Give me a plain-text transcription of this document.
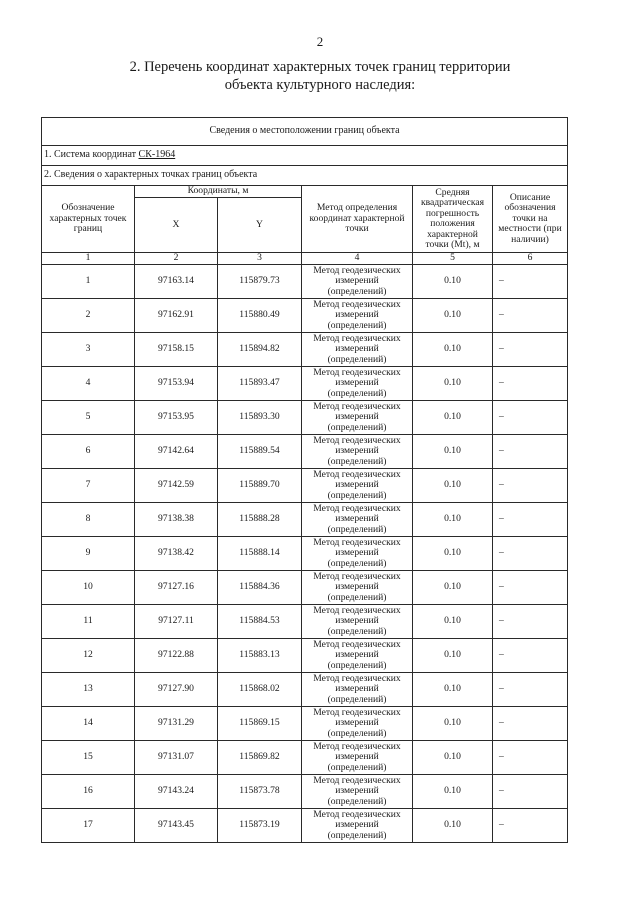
2
2. Перечень координат характерных точек границ территории
объекта культурного наследия:
Сведения о местоположении границ объекта					
1. Система координат СК-1964					
2. Сведения о характерных точках границ объекта					
Обозначение характерных точек границ	Координаты, м		Метод определения координат характерной точки	Средняя квадратическая погрешность положения характерной точки (Mt), м	Описание обозначения точки на местности (при наличии)
	X	Y			
1	2	3	4	5	6
1	97163.14	115879.73	Метод геодезических
измерений
(определений)	0.10	–
2	97162.91	115880.49	Метод геодезических
измерений
(определений)	0.10	–
3	97158.15	115894.82	Метод геодезических
измерений
(определений)	0.10	–
4	97153.94	115893.47	Метод геодезических
измерений
(определений)	0.10	–
5	97153.95	115893.30	Метод геодезических
измерений
(определений)	0.10	–
6	97142.64	115889.54	Метод геодезических
измерений
(определений)	0.10	–
7	97142.59	115889.70	Метод геодезических
измерений
(определений)	0.10	–
8	97138.38	115888.28	Метод геодезических
измерений
(определений)	0.10	–
9	97138.42	115888.14	Метод геодезических
измерений
(определений)	0.10	–
10	97127.16	115884.36	Метод геодезических
измерений
(определений)	0.10	–
11	97127.11	115884.53	Метод геодезических
измерений
(определений)	0.10	–
12	97122.88	115883.13	Метод геодезических
измерений
(определений)	0.10	–
13	97127.90	115868.02	Метод геодезических
измерений
(определений)	0.10	–
14	97131.29	115869.15	Метод геодезических
измерений
(определений)	0.10	–
15	97131.07	115869.82	Метод геодезических
измерений
(определений)	0.10	–
16	97143.24	115873.78	Метод геодезических
измерений
(определений)	0.10	–
17	97143.45	115873.19	Метод геодезических
измерений
(определений)	0.10	–
